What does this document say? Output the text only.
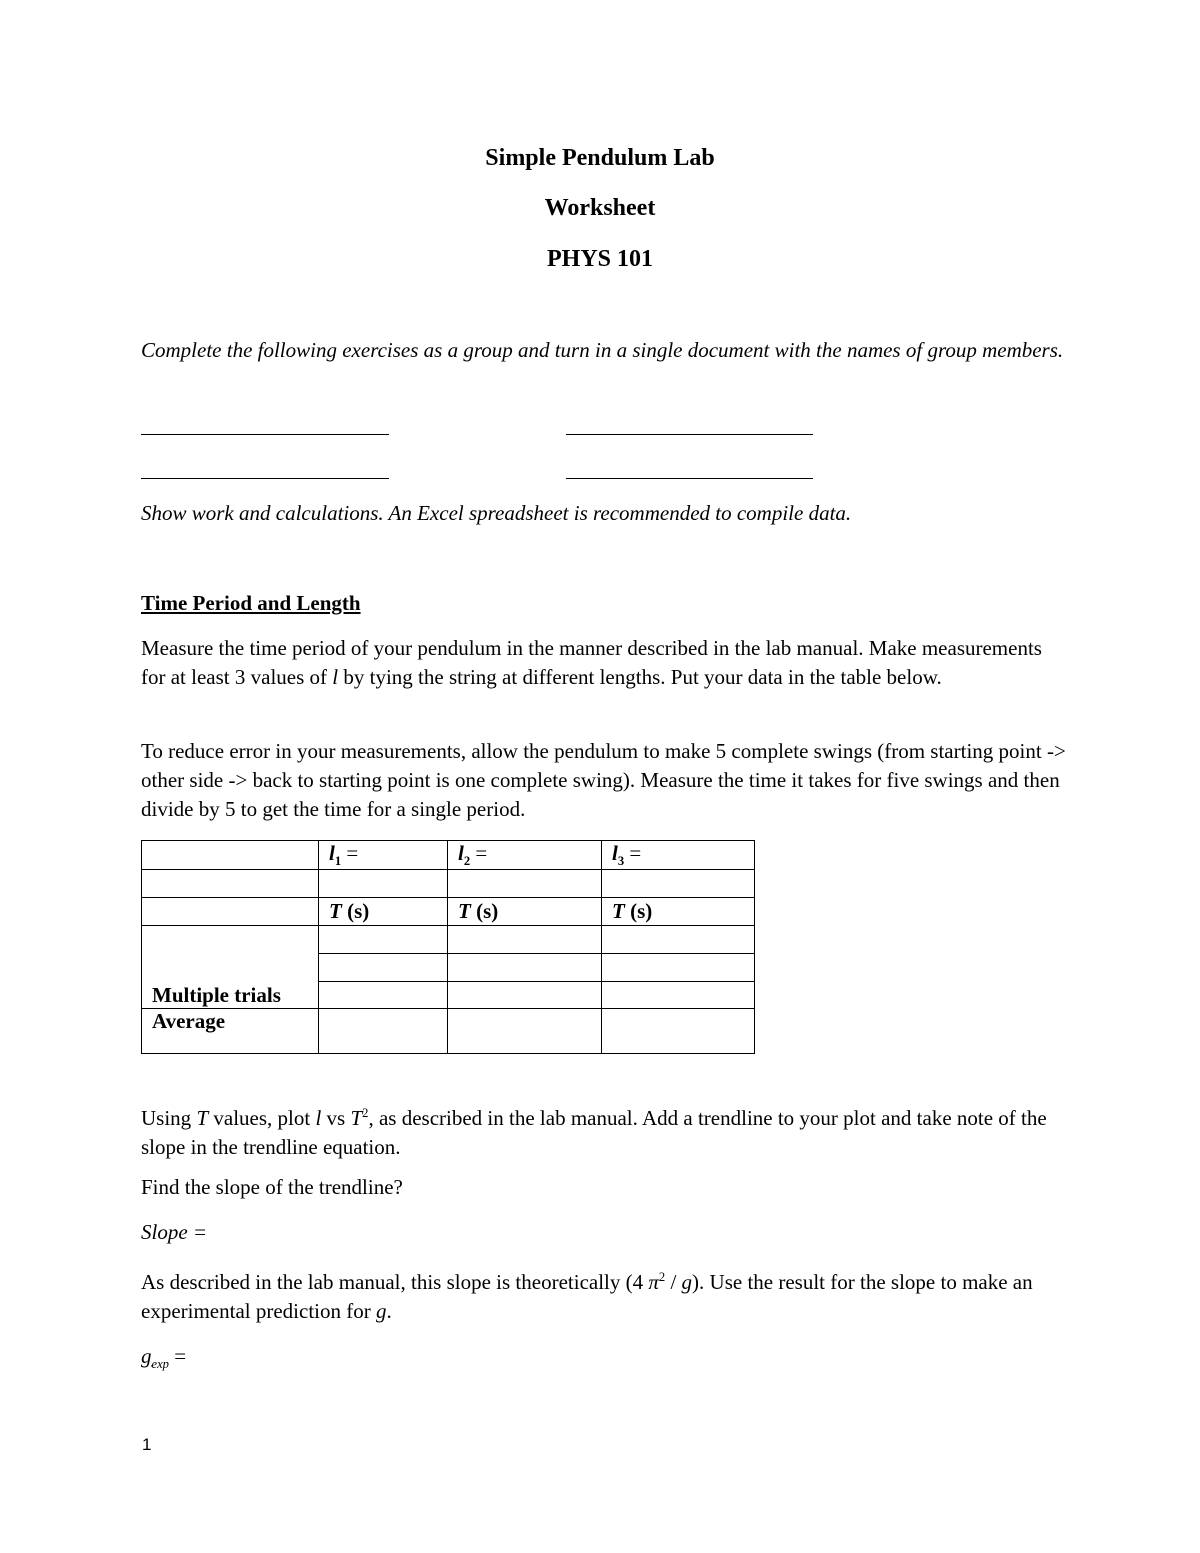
Simple Pendulum Lab
Worksheet
PHYS 101
Complete the following exercises as a group and turn in a single document with the names of group members.
Show work and calculations. An Excel spreadsheet is recommended to compile data.
Time Period and Length
Measure the time period of your pendulum in the manner described in the lab manual. Make measurements for at least 3 values of l by tying the string at different lengths. Put your data in the table below.
To reduce error in your measurements, allow the pendulum to make 5 complete swings (from starting point -> other side -> back to starting point is one complete swing). Measure the time it takes for five swings and then divide by 5 to get the time for a single period.
	$l_1$ =	$l_2$ =	$l_3$ =

	T (s)	T (s)	T (s)
Multiple trials			

Average			
Using T values, plot l vs $T^2$, as described in the lab manual. Add a trendline to your plot and take note of the slope in the trendline equation.
Find the slope of the trendline?
Slope =
As described in the lab manual, this slope is theoretically (4 $\pi^2 / g$). Use the result for the slope to make an experimental prediction for g.
$g_{exp}$ =
1
